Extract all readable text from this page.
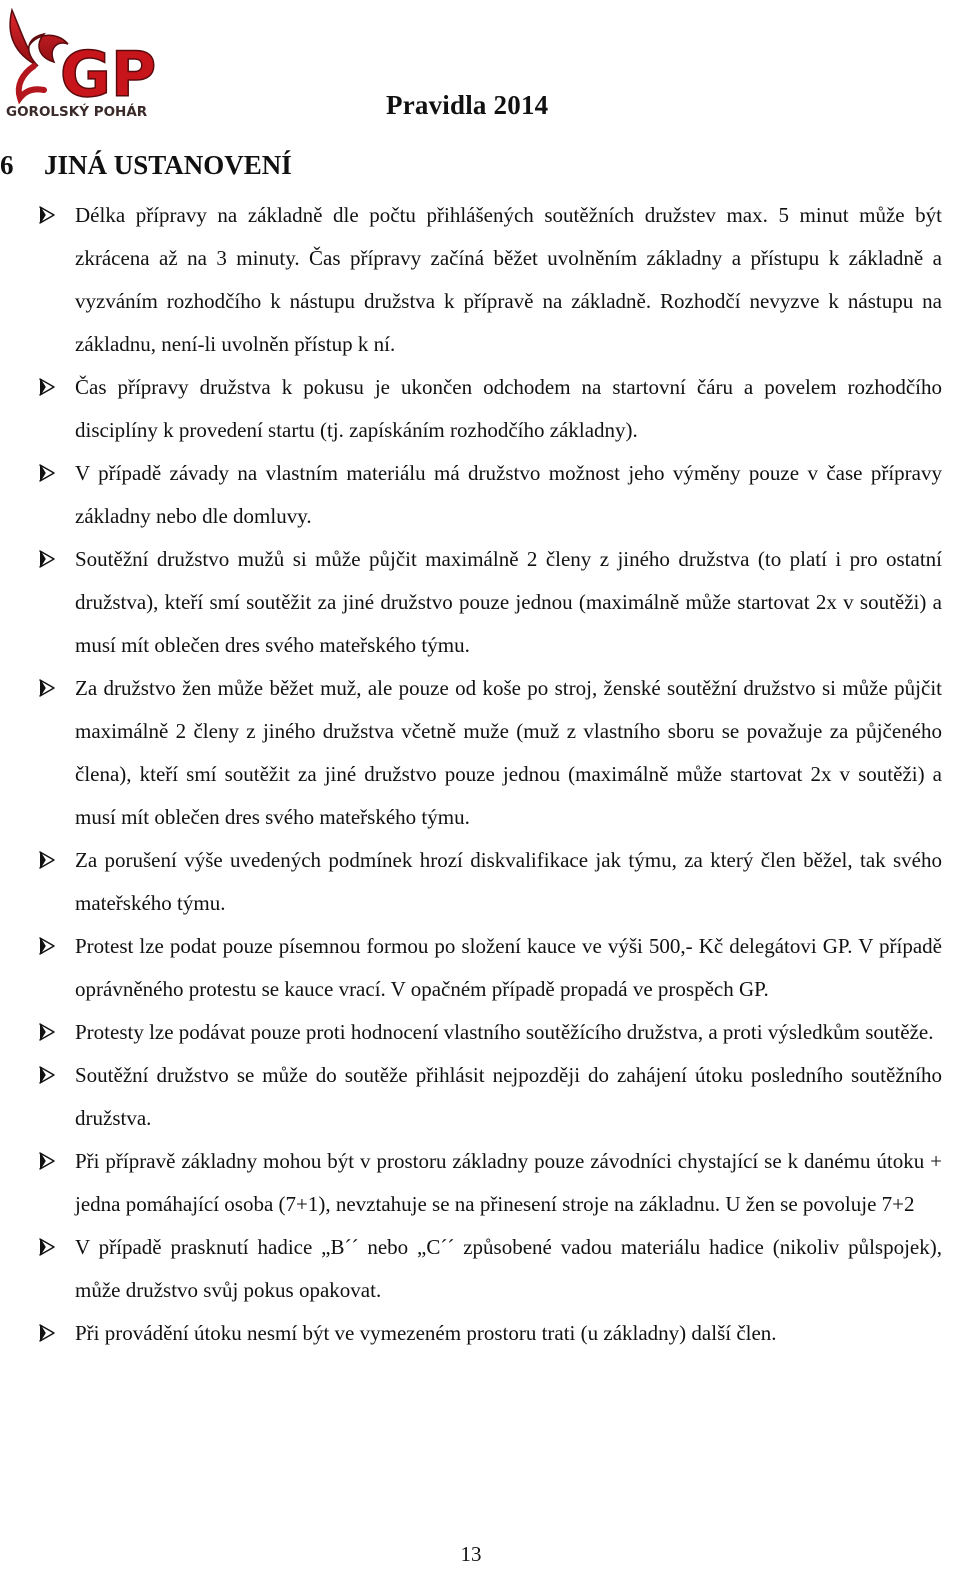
GP
GOROLSKÝ POHÁR	Pravidla 2014
6 JINÁ USTANOVENÍ
Délka přípravy na základně dle počtu přihlášených soutěžních družstev max. 5 minut může být zkrácena až na 3 minuty. Čas přípravy začíná běžet uvolněním základny a přístupu k základně a vyzváním rozhodčího k nástupu družstva k přípravě na základně. Rozhodčí nevyzve k nástupu na základnu, není-li uvolněn přístup k ní.
Čas přípravy družstva k pokusu je ukončen odchodem na startovní čáru a povelem rozhodčího disciplíny k provedení startu (tj. zapískáním rozhodčího základny).
V případě závady na vlastním materiálu má družstvo možnost jeho výměny pouze v čase přípravy základny nebo dle domluvy.
Soutěžní družstvo mužů si může půjčit maximálně 2 členy z jiného družstva (to platí i pro ostatní družstva), kteří smí soutěžit za jiné družstvo pouze jednou (maximálně může startovat 2x v soutěži) a musí mít oblečen dres svého mateřského týmu.
Za družstvo žen může běžet muž, ale pouze od koše po stroj, ženské soutěžní družstvo si může půjčit maximálně 2 členy z jiného družstva včetně muže (muž z vlastního sboru se považuje za půjčeného člena), kteří smí soutěžit za jiné družstvo pouze jednou (maximálně může startovat 2x v soutěži) a musí mít oblečen dres svého mateřského týmu.
Za porušení výše uvedených podmínek hrozí diskvalifikace jak týmu, za který člen běžel, tak svého mateřského týmu.
Protest lze podat pouze písemnou formou po složení kauce ve výši 500,- Kč delegátovi GP. V případě oprávněného protestu se kauce vrací. V opačném případě propadá ve prospěch GP.
Protesty lze podávat pouze proti hodnocení vlastního soutěžícího družstva, a proti výsledkům soutěže.
Soutěžní družstvo se může do soutěže přihlásit nejpozději do zahájení útoku posledního soutěžního družstva.
Při přípravě základny mohou být v prostoru základny pouze závodníci chystající se k danému útoku + jedna pomáhající osoba (7+1), nevztahuje se na přinesení stroje na základnu. U žen se povoluje 7+2
V případě prasknutí hadice „B´´ nebo „C´´ způsobené vadou materiálu hadice (nikoliv půlspojek), může družstvo svůj pokus opakovat.
Při provádění útoku nesmí být ve vymezeném prostoru trati (u základny) další člen.
13
